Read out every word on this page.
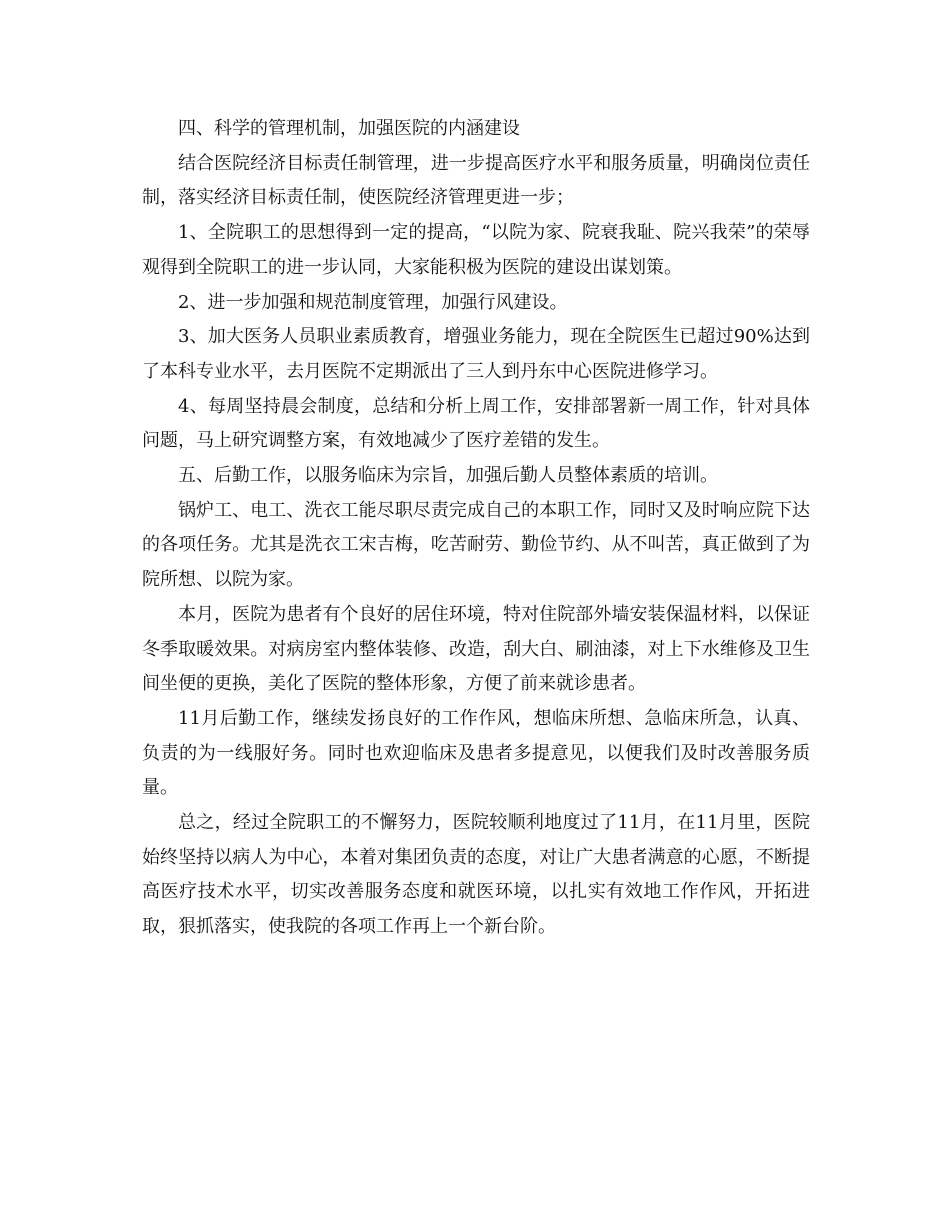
四、科学的管理机制，加强医院的内涵建设

结合医院经济目标责任制管理，进一步提高医疗水平和服务质量，明确岗位责任制，落实经济目标责任制，使医院经济管理更进一步；

1、全院职工的思想得到一定的提高，“以院为家、院衰我耻、院兴我荣”的荣辱观得到全院职工的进一步认同，大家能积极为医院的建设出谋划策。

2、进一步加强和规范制度管理，加强行风建设。

3、加大医务人员职业素质教育，增强业务能力，现在全院医生已超过90%达到了本科专业水平，去月医院不定期派出了三人到丹东中心医院进修学习。

4、每周坚持晨会制度，总结和分析上周工作，安排部署新一周工作，针对具体问题，马上研究调整方案，有效地减少了医疗差错的发生。

五、后勤工作，以服务临床为宗旨，加强后勤人员整体素质的培训。

锅炉工、电工、洗衣工能尽职尽责完成自己的本职工作，同时又及时响应院下达的各项任务。尤其是洗衣工宋吉梅，吃苦耐劳、勤俭节约、从不叫苦，真正做到了为院所想、以院为家。

本月，医院为患者有个良好的居住环境，特对住院部外墙安装保温材料，以保证冬季取暖效果。对病房室内整体装修、改造，刮大白、刷油漆，对上下水维修及卫生间坐便的更换，美化了医院的整体形象，方便了前来就诊患者。

11月后勤工作，继续发扬良好的工作作风，想临床所想、急临床所急，认真、负责的为一线服好务。同时也欢迎临床及患者多提意见，以便我们及时改善服务质量。

总之，经过全院职工的不懈努力，医院较顺利地度过了11月，在11月里，医院始终坚持以病人为中心，本着对集团负责的态度，对让广大患者满意的心愿，不断提高医疗技术水平，切实改善服务态度和就医环境，以扎实有效地工作作风，开拓进取，狠抓落实，使我院的各项工作再上一个新台阶。
